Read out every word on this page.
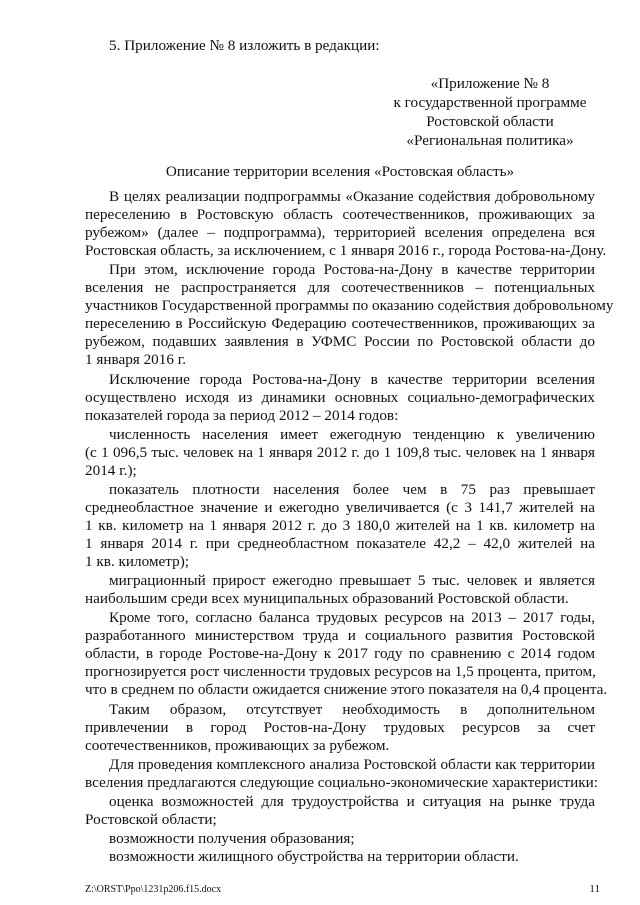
5. Приложение № 8 изложить в редакции:
«Приложение № 8
к государственной программе
Ростовской области
«Региональная политика»
Описание территории вселения «Ростовская область»
В целях реализации подпрограммы «Оказание содействия добровольному
переселению в Ростовскую область соотечественников, проживающих за
рубежом» (далее – подпрограмма), территорией вселения определена вся
Ростовская область, за исключением, с 1 января 2016 г., города Ростова-на-Дону.
При этом, исключение города Ростова-на-Дону в качестве территории
вселения не распространяется для соотечественников – потенциальных
участников Государственной программы по оказанию содействия добровольному
переселению в Российскую Федерацию соотечественников, проживающих за
рубежом, подавших заявления в УФМС России по Ростовской области до
1 января 2016 г.
Исключение города Ростова-на-Дону в качестве территории вселения
осуществлено исходя из динамики основных социально-демографических
показателей города за период 2012 – 2014 годов:
численность населения имеет ежегодную тенденцию к увеличению
(с 1 096,5 тыс. человек на 1 января 2012 г. до 1 109,8 тыс. человек на 1 января
2014 г.);
показатель плотности населения более чем в 75 раз превышает
среднеобластное значение и ежегодно увеличивается (с 3 141,7 жителей на
1 кв. километр на 1 января 2012 г. до 3 180,0 жителей на 1 кв. километр на
1 января 2014 г. при среднеобластном показателе 42,2 – 42,0 жителей на
1 кв. километр);
миграционный прирост ежегодно превышает 5 тыс. человек и является
наибольшим среди всех муниципальных образований Ростовской области.
Кроме того, согласно баланса трудовых ресурсов на 2013 – 2017 годы,
разработанного министерством труда и социального развития Ростовской
области, в городе Ростове-на-Дону к 2017 году по сравнению с 2014 годом
прогнозируется рост численности трудовых ресурсов на 1,5 процента, притом,
что в среднем по области ожидается снижение этого показателя на 0,4 процента.
Таким образом, отсутствует необходимость в дополнительном
привлечении в город Ростов-на-Дону трудовых ресурсов за счет
соотечественников, проживающих за рубежом.
Для проведения комплексного анализа Ростовской области как территории
вселения предлагаются следующие социально-экономические характеристики:
оценка возможностей для трудоустройства и ситуация на рынке труда
Ростовской области;
возможности получения образования;
Z:\ORST\Ppo\1231p206.f15.docx	11
возможности жилищного обустройства на территории области.
